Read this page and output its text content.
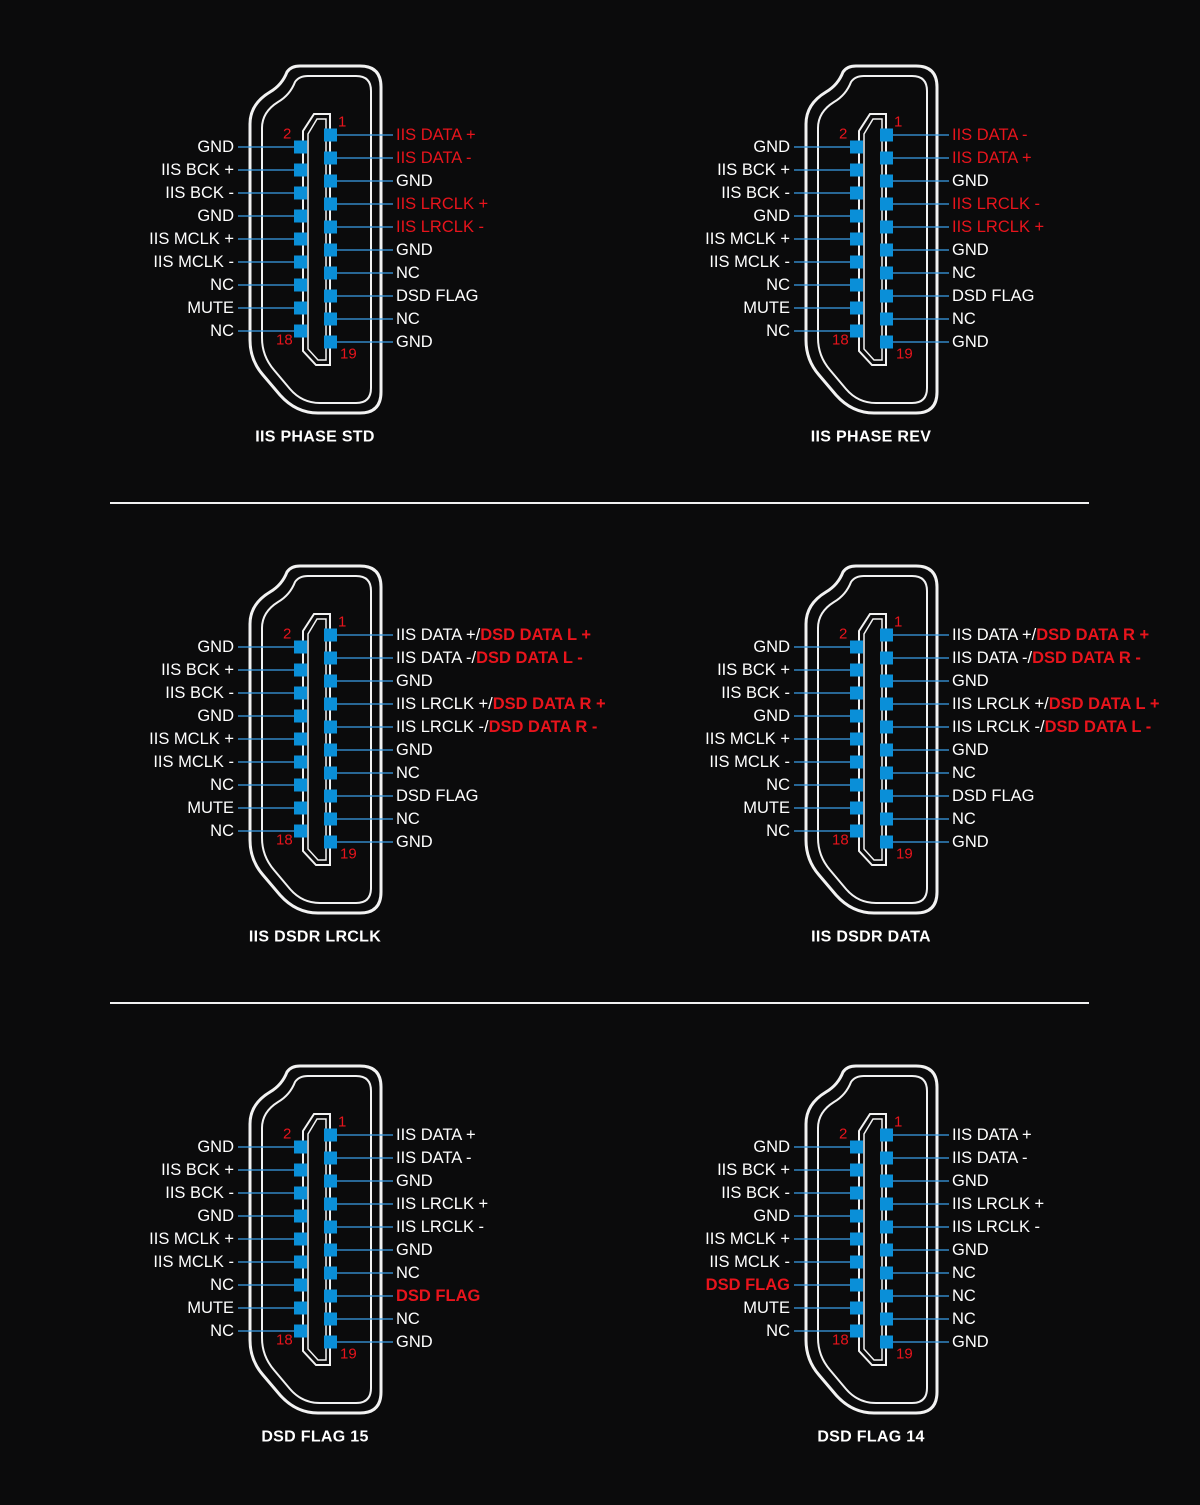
GND
IIS BCK +
IIS BCK -
GND
IIS MCLK +
IIS MCLK -
NC
MUTE
NC
IIS DATA +
IIS DATA -
GND
IIS LRCLK +
IIS LRCLK -
GND
NC
DSD FLAG
NC
GND
1
2
18
19
IIS PHASE STD
GND
IIS BCK +
IIS BCK -
GND
IIS MCLK +
IIS MCLK -
NC
MUTE
NC
IIS DATA -
IIS DATA +
GND
IIS LRCLK -
IIS LRCLK +
GND
NC
DSD FLAG
NC
GND
1
2
18
19
IIS PHASE REV
GND
IIS BCK +
IIS BCK -
GND
IIS MCLK +
IIS MCLK -
NC
MUTE
NC
IIS DATA +/DSD DATA L +
IIS DATA -/DSD DATA L -
GND
IIS LRCLK +/DSD DATA R +
IIS LRCLK -/DSD DATA R -
GND
NC
DSD FLAG
NC
GND
1
2
18
19
IIS DSDR LRCLK
GND
IIS BCK +
IIS BCK -
GND
IIS MCLK +
IIS MCLK -
NC
MUTE
NC
IIS DATA +/DSD DATA R +
IIS DATA -/DSD DATA R -
GND
IIS LRCLK +/DSD DATA L +
IIS LRCLK -/DSD DATA L -
GND
NC
DSD FLAG
NC
GND
1
2
18
19
IIS DSDR DATA
GND
IIS BCK +
IIS BCK -
GND
IIS MCLK +
IIS MCLK -
NC
MUTE
NC
IIS DATA +
IIS DATA -
GND
IIS LRCLK +
IIS LRCLK -
GND
NC
DSD FLAG
NC
GND
1
2
18
19
DSD FLAG 15
GND
IIS BCK +
IIS BCK -
GND
IIS MCLK +
IIS MCLK -
DSD FLAG
MUTE
NC
IIS DATA +
IIS DATA -
GND
IIS LRCLK +
IIS LRCLK -
GND
NC
NC
NC
GND
1
2
18
19
DSD FLAG 14
